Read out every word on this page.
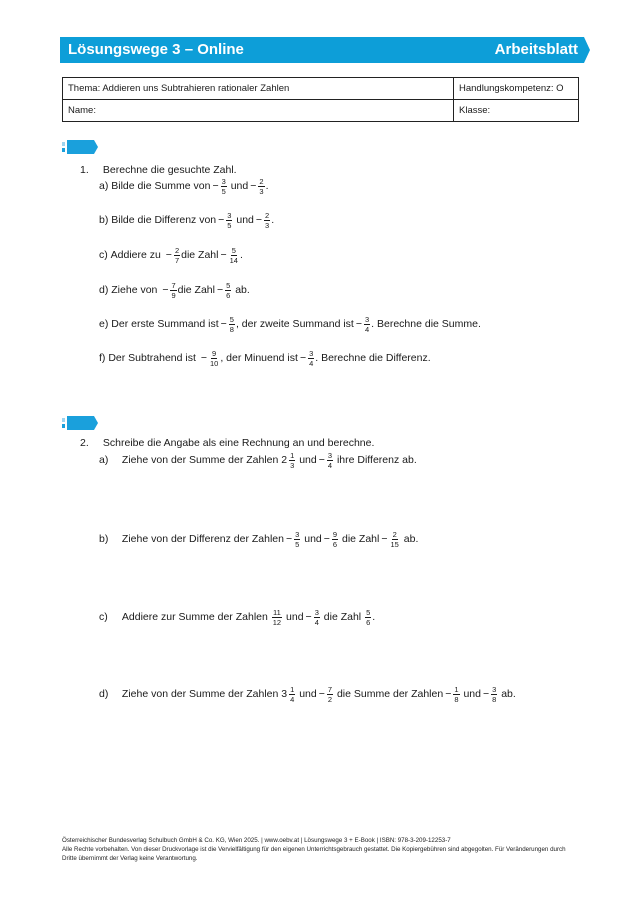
Lösungswege 3 – Online	Arbeitsblatt
Thema: Addieren uns Subtrahieren rationaler Zahlen	Handlungskompetenz: O
Name:	Klasse:
1. Berechne die gesuchte Zahl.
a)
Bilde die Summe von − $\frac{3}{5}$
und − $\frac{2}{3}$ .
b)
Bilde die Differenz von − $\frac{3}{5}$
und − $\frac{2}{3}$ .
c)
Addiere zu
− $\frac{2}{7}$ die Zahl − $\frac{5}{14}$ .
d)
Ziehe von
− $\frac{7}{9}$ die Zahl − $\frac{5}{6}$
ab.
e)
Der erste Summand ist − $\frac{5}{8}$ , der zweite Summand ist − $\frac{3}{4}$ . Berechne die Summe.
f)
Der Subtrahend ist
− $\frac{9}{10}$ , der Minuend ist − $\frac{3}{4}$ . Berechne die Differenz.
2. Schreibe die Angabe als eine Rechnung an und berechne.
a)
	Ziehe von der Summe der Zahlen
$2 \frac{1}{3}$
und − $\frac{3}{4}$
ihre Differenz ab.
b)
	Ziehe von der Differenz der Zahlen − $\frac{3}{5}$
und − $\frac{9}{6}$
die Zahl − $\frac{2}{15}$
ab.
c)
	Addiere zur Summe der Zahlen
$\frac{11}{12}$
und − $\frac{3}{4}$
die Zahl
$\frac{5}{6}$ .
d)
	Ziehe von der Summe der Zahlen
$3 \frac{1}{4}$
und − $\frac{7}{2}$
die Summe der Zahlen − $\frac{1}{8}$
und − $\frac{3}{8}$
ab.
Österreichischer Bundesverlag Schulbuch GmbH & Co. KG, Wien 2025. | www.oebv.at | Lösungswege 3 + E-Book | ISBN: 978-3-209-12253-7
Alle Rechte vorbehalten. Von dieser Druckvorlage ist die Vervielfältigung für den eigenen Unterrichtsgebrauch gestattet. Die Kopiergebühren sind abgegolten. Für Veränderungen durch Dritte übernimmt der Verlag keine Verantwortung.
